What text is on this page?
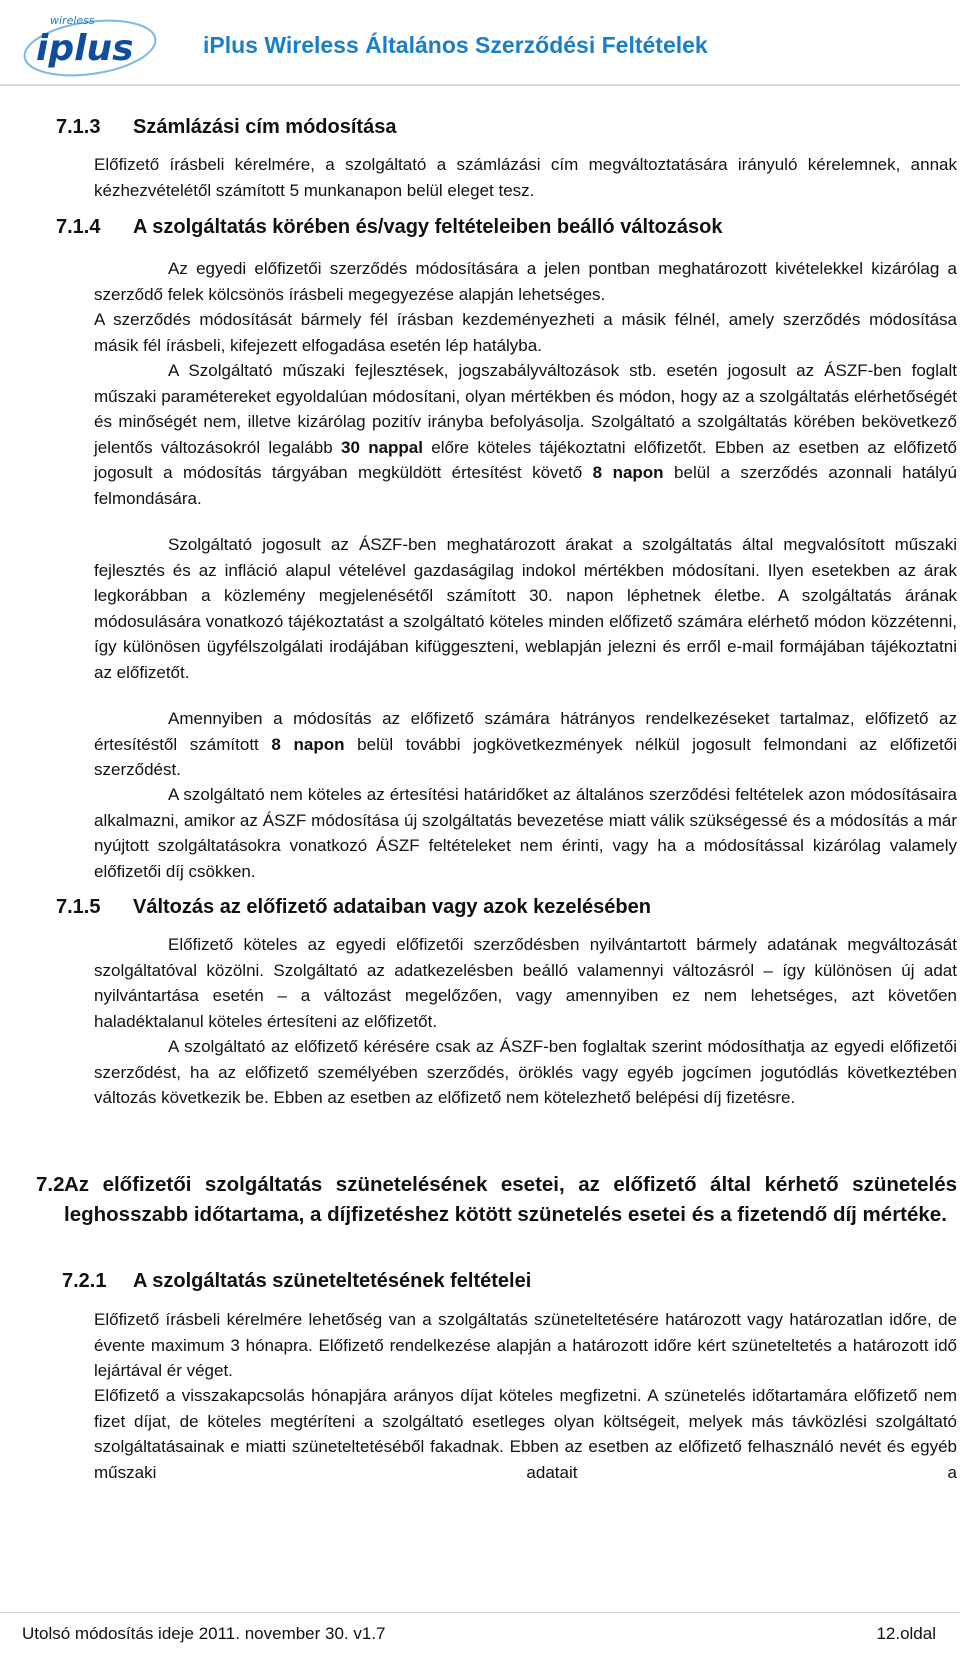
wireless
iplus	iPlus Wireless Általános Szerződési Feltételek
7.1.3 Számlázási cím módosítása

Előfizető írásbeli kérelmére, a szolgáltató a számlázási cím megváltoztatására irányuló kérelemnek, annak kézhezvételétől számított 5 munkanapon belül eleget tesz.

7.1.4 A szolgáltatás körében és/vagy feltételeiben beálló változások

Az egyedi előfizetői szerződés módosítására a jelen pontban meghatározott kivételekkel kizárólag a szerződő felek kölcsönös írásbeli megegyezése alapján lehetséges.

A szerződés módosítását bármely fél írásban kezdeményezheti a másik félnél, amely szerződés módosítása másik fél írásbeli, kifejezett elfogadása esetén lép hatályba.

A Szolgáltató műszaki fejlesztések, jogszabályváltozások stb. esetén jogosult az ÁSZF-ben foglalt műszaki paramétereket egyoldalúan módosítani, olyan mértékben és módon, hogy az a szolgáltatás elérhetőségét és minőségét nem, illetve kizárólag pozitív irányba befolyásolja. Szolgáltató a szolgáltatás körében bekövetkező jelentős változásokról legalább 30 nappal előre köteles tájékoztatni előfizetőt. Ebben az esetben az előfizető jogosult a módosítás tárgyában megküldött értesítést követő 8 napon belül a szerződés azonnali hatályú felmondására.

Szolgáltató jogosult az ÁSZF-ben meghatározott árakat a szolgáltatás által megvalósított műszaki fejlesztés és az infláció alapul vételével gazdaságilag indokol mértékben módosítani. Ilyen esetekben az árak legkorábban a közlemény megjelenésétől számított 30. napon léphetnek életbe. A szolgáltatás árának módosulására vonatkozó tájékoztatást a szolgáltató köteles minden előfizető számára elérhető módon közzétenni, így különösen ügyfélszolgálati irodájában kifüggeszteni, weblapján jelezni és erről e-mail formájában tájékoztatni az előfizetőt.

Amennyiben a módosítás az előfizető számára hátrányos rendelkezéseket tartalmaz, előfizető az értesítéstől számított 8 napon belül további jogkövetkezmények nélkül jogosult felmondani az előfizetői szerződést.

A szolgáltató nem köteles az értesítési határidőket az általános szerződési feltételek azon módosításaira alkalmazni, amikor az ÁSZF módosítása új szolgáltatás bevezetése miatt válik szükségessé és a módosítás a már nyújtott szolgáltatásokra vonatkozó ÁSZF feltételeket nem érinti, vagy ha a módosítással kizárólag valamely előfizetői díj csökken.

7.1.5 Változás az előfizető adataiban vagy azok kezelésében

Előfizető köteles az egyedi előfizetői szerződésben nyilvántartott bármely adatának megváltozását szolgáltatóval közölni. Szolgáltató az adatkezelésben beálló valamennyi változásról – így különösen új adat nyilvántartása esetén – a változást megelőzően, vagy amennyiben ez nem lehetséges, azt követően haladéktalanul köteles értesíteni az előfizetőt.

A szolgáltató az előfizető kérésére csak az ÁSZF-ben foglaltak szerint módosíthatja az egyedi előfizetői szerződést, ha az előfizető személyében szerződés, öröklés vagy egyéb jogcímen jogutódlás következtében változás következik be. Ebben az esetben az előfizető nem kötelezhető belépési díj fizetésre.

7.2Az előfizetői szolgáltatás szünetelésének esetei, az előfizető által kérhető szünetelés leghosszabb időtartama, a díjfizetéshez kötött szünetelés esetei és a fizetendő díj mértéke.
7.2.1 A szolgáltatás szüneteltetésének feltételei

Előfizető írásbeli kérelmére lehetőség van a szolgáltatás szüneteltetésére határozott vagy határozatlan időre, de évente maximum 3 hónapra. Előfizető rendelkezése alapján a határozott időre kért szüneteltetés a határozott idő lejártával ér véget.

Előfizető a visszakapcsolás hónapjára arányos díjat köteles megfizetni. A szünetelés időtartamára előfizető nem fizet díjat, de köteles megtéríteni a szolgáltató esetleges olyan költségeit, melyek más távközlési szolgáltató szolgáltatásainak e miatti szüneteltetéséből fakadnak. Ebben az esetben az előfizető felhasználó nevét és egyéb műszaki adatait a

Utolsó módosítás ideje 2011. november 30. v1.7	12.oldal
